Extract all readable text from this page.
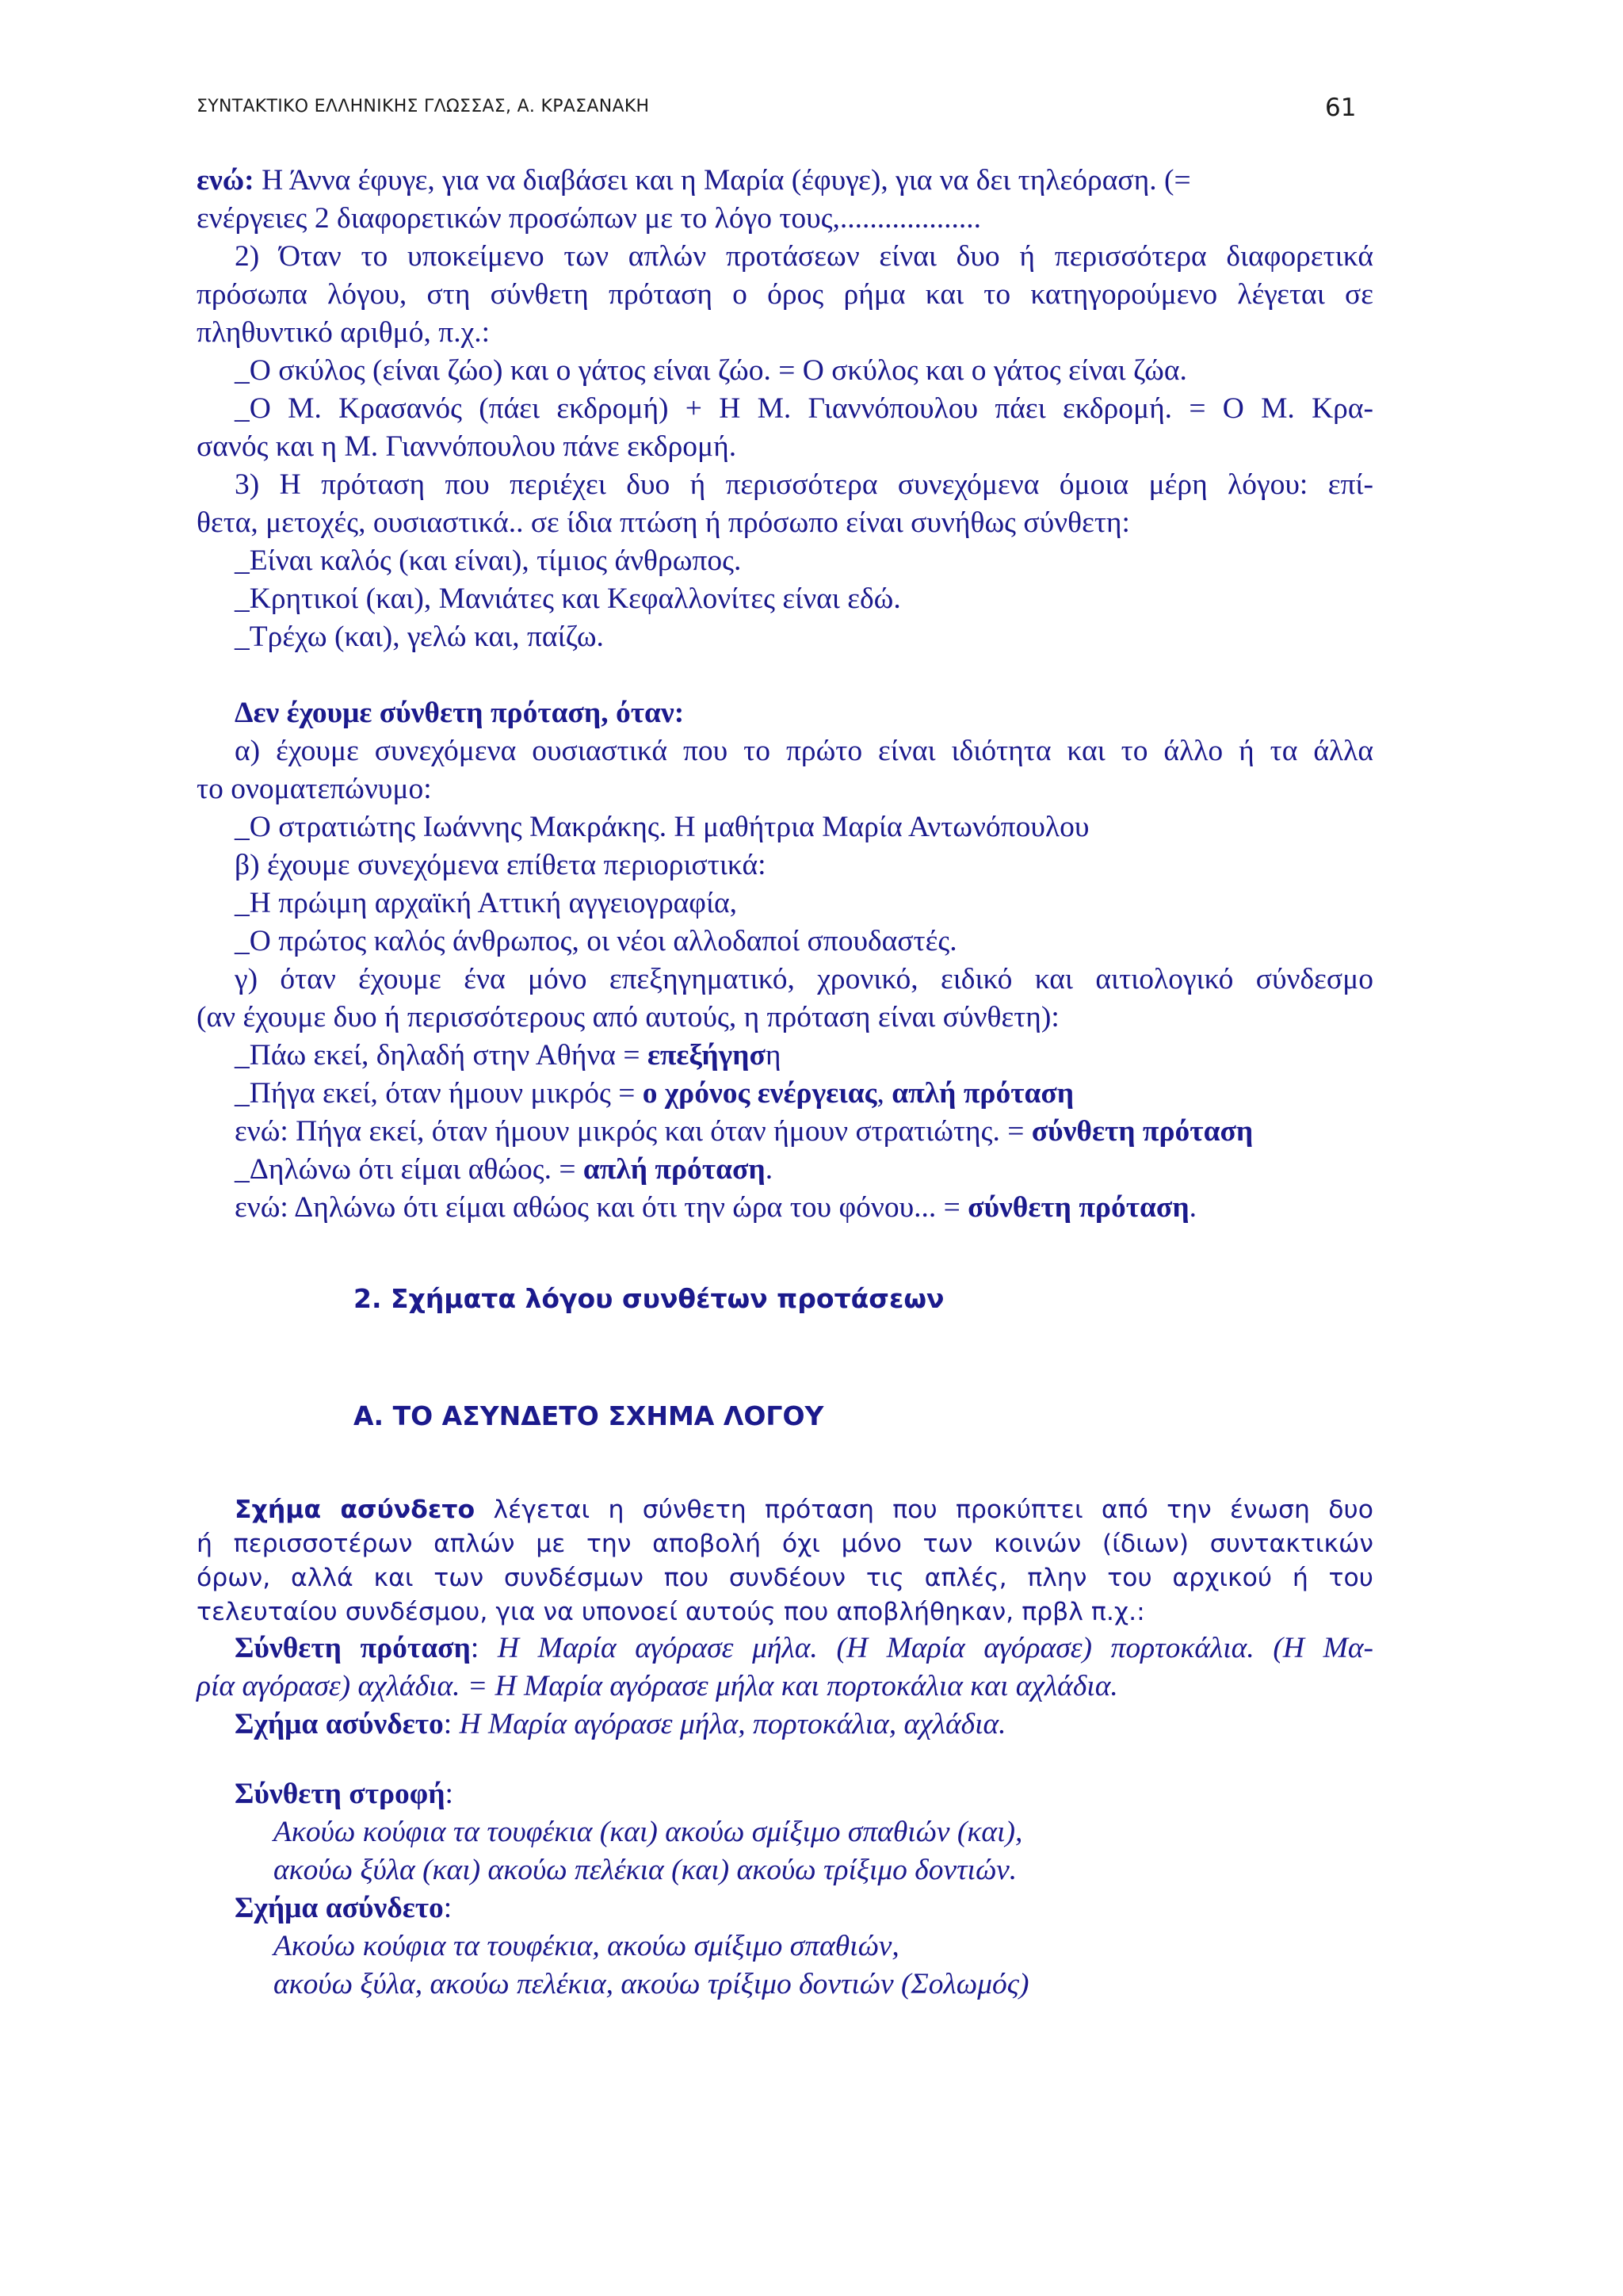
ΣΥΝΤΑΚΤΙΚΟ ΕΛΛΗΝΙΚΗΣ ΓΛΩΣΣΑΣ, Α. ΚΡΑΣΑΝΑΚΗ	61

ενώ: Η Άννα έφυγε, για να διαβάσει και η Μαρία (έφυγε), για να δει τηλεόραση. (=

ενέργειες 2 διαφορετικών προσώπων με το λόγο τους,...................

2) Όταν το υποκείμενο των απλών προτάσεων είναι δυο ή περισσότερα διαφορετικά

πρόσωπα λόγου, στη σύνθετη πρόταση ο όρος ρήμα και το κατηγορούμενο λέγεται σε

πληθυντικό αριθμό, π.χ.:

_Ο σκύλος (είναι ζώο) και ο γάτος είναι ζώο. = Ο σκύλος και ο γάτος είναι ζώα.

_Ο Μ. Κρασανός (πάει εκδρομή) + Η Μ. Γιαννόπουλου πάει εκδρομή. = Ο Μ. Κρα-

σανός και η Μ. Γιαννόπουλου πάνε εκδρομή.

3) Η πρόταση που περιέχει δυο ή περισσότερα συνεχόμενα όμοια μέρη λόγου: επί-

θετα, μετοχές, ουσιαστικά.. σε ίδια πτώση ή πρόσωπο είναι συνήθως σύνθετη:

_Είναι καλός (και είναι), τίμιος άνθρωπος.

_Κρητικοί (και), Μανιάτες και Κεφαλλονίτες είναι εδώ.

_Τρέχω (και), γελώ και, παίζω.

Δεν έχουμε σύνθετη πρόταση, όταν:

α) έχουμε συνεχόμενα ουσιαστικά που το πρώτο είναι ιδιότητα και το άλλο ή τα άλλα

το ονοματεπώνυμο:

_Ο στρατιώτης Ιωάννης Μακράκης. Η μαθήτρια Μαρία Αντωνόπουλου

β) έχουμε συνεχόμενα επίθετα περιοριστικά:

_Η πρώιμη αρχαϊκή Αττική αγγειογραφία,

_Ο πρώτος καλός άνθρωπος, οι νέοι αλλοδαποί σπουδαστές.

γ) όταν έχουμε ένα μόνο επεξηγηματικό, χρονικό, ειδικό και αιτιολογικό σύνδεσμο

(αν έχουμε δυο ή περισσότερους από αυτούς, η πρόταση είναι σύνθετη):

_Πάω εκεί, δηλαδή στην Αθήνα = επεξήγηση

_Πήγα εκεί, όταν ήμουν μικρός = ο χρόνος ενέργειας, απλή πρόταση

ενώ: Πήγα εκεί, όταν ήμουν μικρός και όταν ήμουν στρατιώτης. = σύνθετη πρόταση

_Δηλώνω ότι είμαι αθώος. = απλή πρόταση.

ενώ: Δηλώνω ότι είμαι αθώος και ότι την ώρα του φόνου... = σύνθετη πρόταση.

2. Σχήματα λόγου συνθέτων προτάσεων

Α. ΤΟ ΑΣΥΝΔΕΤΟ ΣΧΗΜΑ ΛΟΓΟΥ

Σχήμα ασύνδετο λέγεται η σύνθετη πρόταση που προκύπτει από την ένωση δυο

ή περισσοτέρων απλών με την αποβολή όχι μόνο των κοινών (ίδιων) συντακτικών

όρων, αλλά και των συνδέσμων που συνδέουν τις απλές, πλην του αρχικού ή του

τελευταίου συνδέσμου, για να υπονοεί αυτούς που αποβλήθηκαν, πρβλ π.χ.:

Σύνθετη πρόταση: Η Μαρία αγόρασε μήλα. (Η Μαρία αγόρασε) πορτοκάλια. (Η Μα-

ρία αγόρασε) αχλάδια. = Η Μαρία αγόρασε μήλα και πορτοκάλια και αχλάδια.

Σχήμα ασύνδετο: Η Μαρία αγόρασε μήλα, πορτοκάλια, αχλάδια.

Σύνθετη στροφή:

Ακούω κούφια τα τουφέκια (και) ακούω σμίξιμο σπαθιών (και),

ακούω ξύλα (και) ακούω πελέκια (και) ακούω τρίξιμο δοντιών.

Σχήμα ασύνδετο:

Ακούω κούφια τα τουφέκια, ακούω σμίξιμο σπαθιών,

ακούω ξύλα, ακούω πελέκια, ακούω τρίξιμο δοντιών (Σολωμός)
